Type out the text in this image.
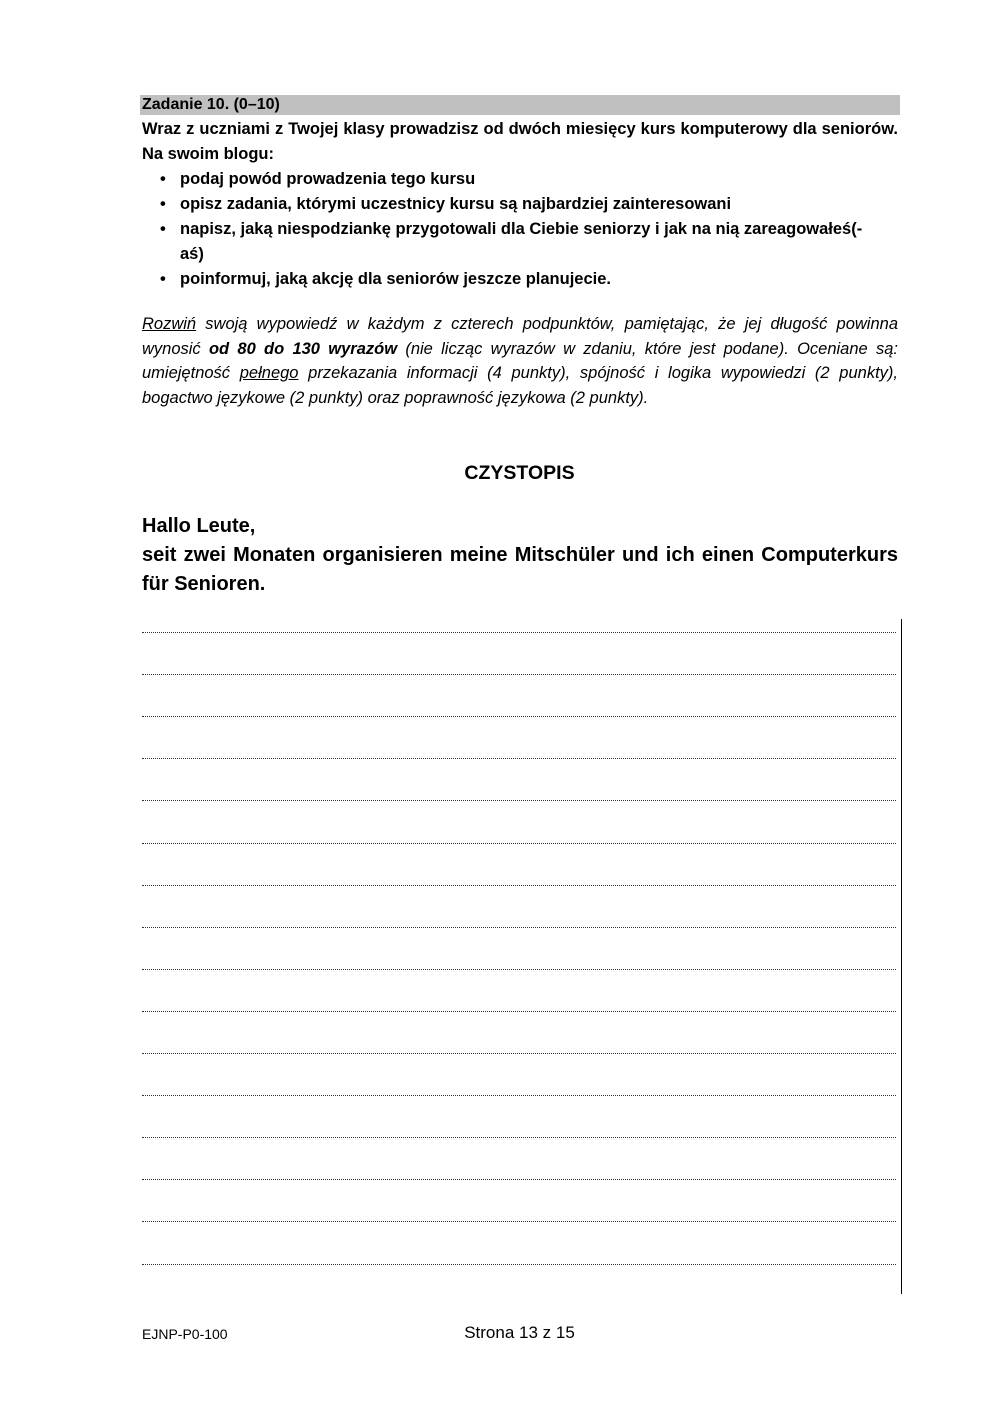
Zadanie 10. (0–10)

Wraz z uczniami z Twojej klasy prowadzisz od dwóch miesięcy kurs komputerowy dla seniorów. Na swoim blogu:

• podaj powód prowadzenia tego kursu
• opisz zadania, którymi uczestnicy kursu są najbardziej zainteresowani
• napisz, jaką niespodziankę przygotowali dla Ciebie seniorzy i jak na nią zareagowałeś(-aś)
• poinformuj, jaką akcję dla seniorów jeszcze planujecie.

Rozwiń swoją wypowiedź w każdym z czterech podpunktów, pamiętając, że jej długość powinna wynosić od 80 do 130 wyrazów (nie licząc wyrazów w zdaniu, które jest podane). Oceniane są: umiejętność pełnego przekazania informacji (4 punkty), spójność i logika wypowiedzi (2 punkty), bogactwo językowe (2 punkty) oraz poprawność językowa (2 punkty).

CZYSTOPIS

Hallo Leute,

seit zwei Monaten organisieren meine Mitschüler und ich einen Computerkurs für Senioren.

EJNP-P0-100	Strona 13 z 15
